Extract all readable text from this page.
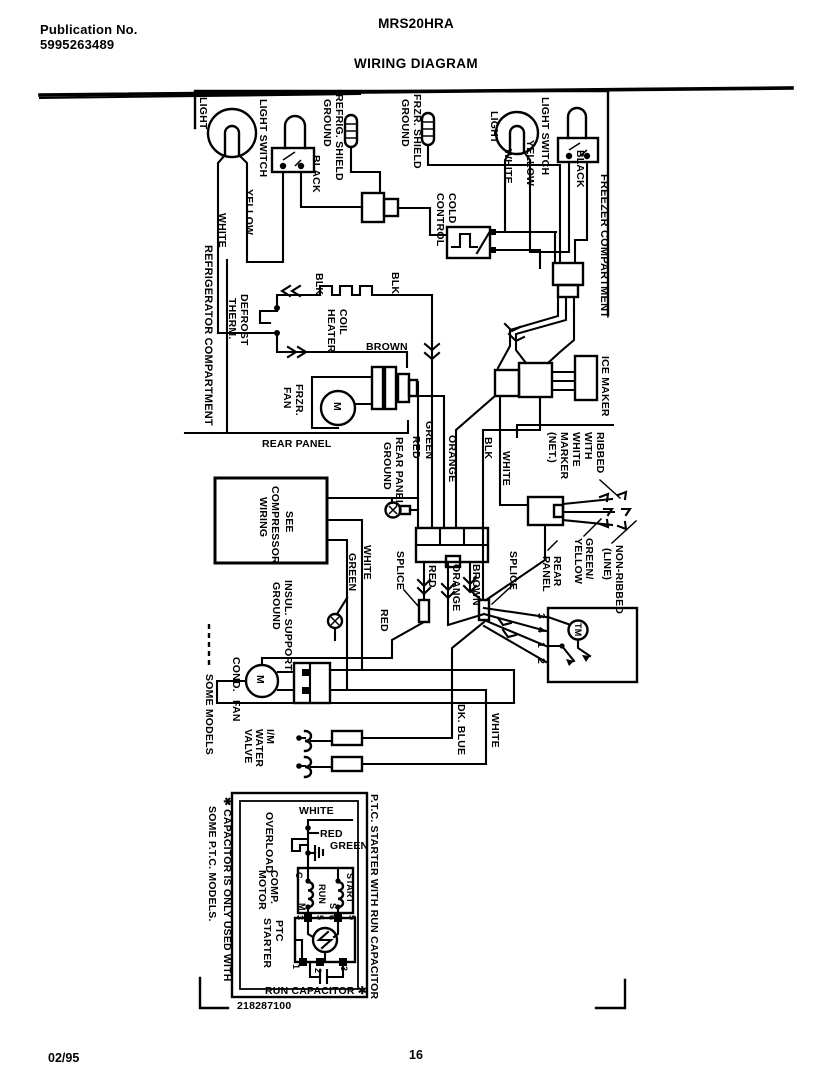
Publication No.
5995263489
MRS20HRA
WIRING DIAGRAM
02/95	16
REFRIGERATOR COMPARTMENT
LIGHT
WHITE YELLOW
LIGHT SWITCH	BLACK REFRIG. SHIELD
GROUND	FRZR. SHIELD
GROUND
COLD
CONTROL
LIGHT
WHITE YELLOW LIGHT SWITCH BLACK
FREEZER COMPARTMENT
DEFROST
THERM.
BLK	BLK
COIL
HEATER	BROWN
FRZR.
FAN	M
REAR PANEL
ICE MAKER
RIBBED
WITH
WHITE
MARKER
(NET.)
GREEN
RED ORANGE BLK
WHITE
REAR PANEL
GROUND
SEE
COMPRESSOR
WIRING
WHITE
GREEN
RED
SPLICE	SPLICE
RED ORANGE BROWN	REAR
PANEL	GREEN/
YELLOW	NON-RIBBED
(LINE)
3
4
1
2
TM
INSUL. SUPPORT
GROUND
SOME MODELS COND.
FAN
M
I/M
WATER
VALVE	DK. BLUE WHITE
✱ CAPACITOR IS ONLY USED WITH
SOME P.T.C. MODELS.	P.T.C. STARTER WITH RUN CAPACITOR
WHITE
OVERLOAD	RED
GREEN
COMP.
MOTOR	C
RUN
M
START
S
PTC
STARTER
3 5 6 5
1
2 3
RUN CAPACITOR ✱
218287100
